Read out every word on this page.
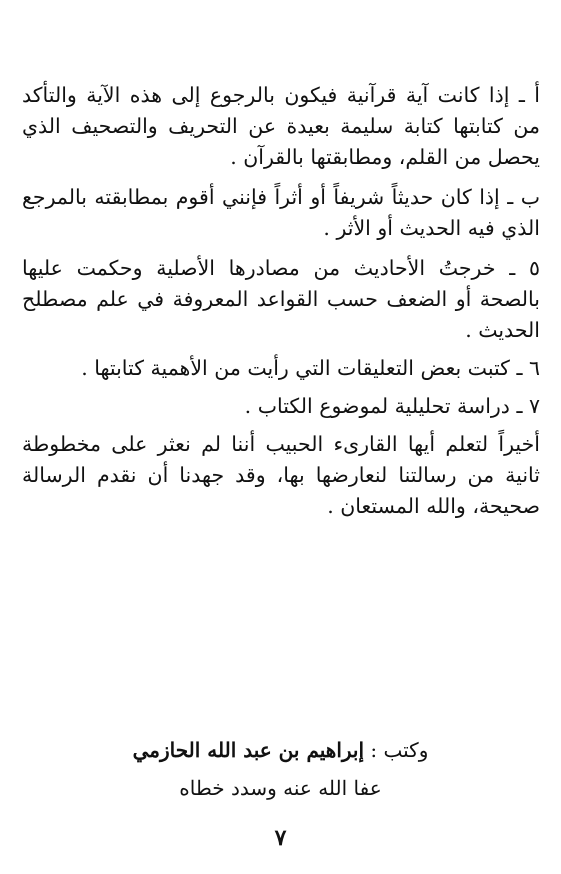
أ ـ إذا كانت آية قرآنية فيكون بالرجوع إلى هذه الآية والتأكد من كتابتها كتابة سليمة بعيدة عن التحريف والتصحيف الذي يحصل من القلم، ومطابقتها بالقرآن .

ب ـ إذا كان حديثاً شريفاً أو أثراً فإنني أقوم بمطابقته بالمرجع الذي فيه الحديث أو الأثر .

٥ ـ خرجتُ الأحاديث من مصادرها الأصلية وحكمت عليها بالصحة أو الضعف حسب القواعد المعروفة في علم مصطلح الحديث .

٦ ـ كتبت بعض التعليقات التي رأيت من الأهمية كتابتها .

٧ ـ دراسة تحليلية لموضوع الكتاب .

أخيراً لتعلم أيها القارىء الحبيب أننا لم نعثر على مخطوطة ثانية من رسالتنا لنعارضها بها، وقد جهدنا أن نقدم الرسالة صحيحة، والله المستعان .

وكتب : إبراهيم بن عبد الله الحازمي
عفا الله عنه وسدد خطاه
٧
